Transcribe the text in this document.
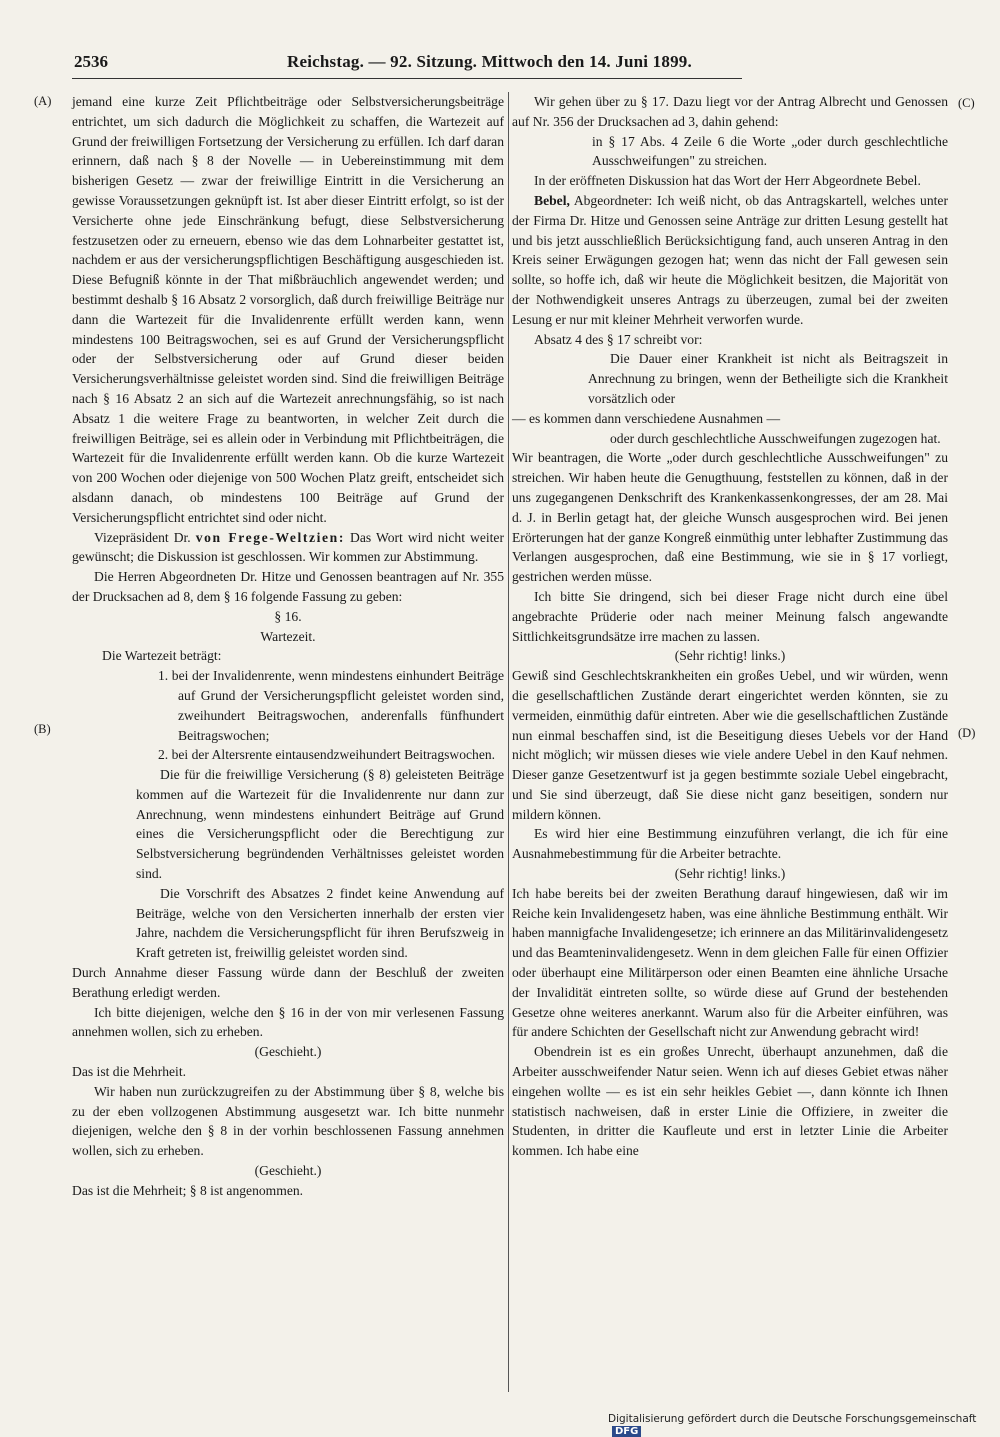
2536	Reichstag. — 92. Sitzung. Mittwoch den 14. Juni 1899.
(A)
(B)
(C)
(D)

jemand eine kurze Zeit Pflichtbeiträge oder Selbstversicherungsbeiträge entrichtet, um sich dadurch die Möglichkeit zu schaffen, die Wartezeit auf Grund der freiwilligen Fortsetzung der Versicherung zu erfüllen. Ich darf daran erinnern, daß nach § 8 der Novelle — in Uebereinstimmung mit dem bisherigen Gesetz — zwar der freiwillige Eintritt in die Versicherung an gewisse Voraussetzungen geknüpft ist. Ist aber dieser Eintritt erfolgt, so ist der Versicherte ohne jede Einschränkung befugt, diese Selbstversicherung festzusetzen oder zu erneuern, ebenso wie das dem Lohnarbeiter gestattet ist, nachdem er aus der versicherungspflichtigen Beschäftigung ausgeschieden ist. Diese Befugniß könnte in der That mißbräuchlich angewendet werden; und bestimmt deshalb § 16 Absatz 2 vorsorglich, daß durch freiwillige Beiträge nur dann die Wartezeit für die Invalidenrente erfüllt werden kann, wenn mindestens 100 Beitragswochen, sei es auf Grund der Versicherungspflicht oder der Selbstversicherung oder auf Grund dieser beiden Versicherungsverhältnisse geleistet worden sind. Sind die freiwilligen Beiträge nach § 16 Absatz 2 an sich auf die Wartezeit anrechnungsfähig, so ist nach Absatz 1 die weitere Frage zu beantworten, in welcher Zeit durch die freiwilligen Beiträge, sei es allein oder in Verbindung mit Pflichtbeiträgen, die Wartezeit für die Invalidenrente erfüllt werden kann. Ob die kurze Wartezeit von 200 Wochen oder diejenige von 500 Wochen Platz greift, entscheidet sich alsdann danach, ob mindestens 100 Beiträge auf Grund der Versicherungspflicht entrichtet sind oder nicht.

Vizepräsident Dr. von Frege-Weltzien: Das Wort wird nicht weiter gewünscht; die Diskussion ist geschlossen. Wir kommen zur Abstimmung.

Die Herren Abgeordneten Dr. Hitze und Genossen beantragen auf Nr. 355 der Drucksachen ad 8, dem § 16 folgende Fassung zu geben:

§ 16.

Wartezeit.

Die Wartezeit beträgt:

1. bei der Invalidenrente, wenn mindestens einhundert Beiträge auf Grund der Versicherungspflicht geleistet worden sind, zweihundert Beitragswochen, anderenfalls fünfhundert Beitragswochen;

2. bei der Altersrente eintausendzweihundert Beitragswochen.

Die für die freiwillige Versicherung (§ 8) geleisteten Beiträge kommen auf die Wartezeit für die Invalidenrente nur dann zur Anrechnung, wenn mindestens einhundert Beiträge auf Grund eines die Versicherungspflicht oder die Berechtigung zur Selbstversicherung begründenden Verhältnisses geleistet worden sind.

Die Vorschrift des Absatzes 2 findet keine Anwendung auf Beiträge, welche von den Versicherten innerhalb der ersten vier Jahre, nachdem die Versicherungspflicht für ihren Berufszweig in Kraft getreten ist, freiwillig geleistet worden sind.

Durch Annahme dieser Fassung würde dann der Beschluß der zweiten Berathung erledigt werden.

Ich bitte diejenigen, welche den § 16 in der von mir verlesenen Fassung annehmen wollen, sich zu erheben.

(Geschieht.)

Das ist die Mehrheit.

Wir haben nun zurückzugreifen zu der Abstimmung über § 8, welche bis zu der eben vollzogenen Abstimmung ausgesetzt war. Ich bitte nunmehr diejenigen, welche den § 8 in der vorhin beschlossenen Fassung annehmen wollen, sich zu erheben.

(Geschieht.)

Das ist die Mehrheit; § 8 ist angenommen.

Wir gehen über zu § 17. Dazu liegt vor der Antrag Albrecht und Genossen auf Nr. 356 der Drucksachen ad 3, dahin gehend:

in § 17 Abs. 4 Zeile 6 die Worte „oder durch geschlechtliche Ausschweifungen" zu streichen.

In der eröffneten Diskussion hat das Wort der Herr Abgeordnete Bebel.

Bebel, Abgeordneter: Ich weiß nicht, ob das Antragskartell, welches unter der Firma Dr. Hitze und Genossen seine Anträge zur dritten Lesung gestellt hat und bis jetzt ausschließlich Berücksichtigung fand, auch unseren Antrag in den Kreis seiner Erwägungen gezogen hat; wenn das nicht der Fall gewesen sein sollte, so hoffe ich, daß wir heute die Möglichkeit besitzen, die Majorität von der Nothwendigkeit unseres Antrags zu überzeugen, zumal bei der zweiten Lesung er nur mit kleiner Mehrheit verworfen wurde.

Absatz 4 des § 17 schreibt vor:

Die Dauer einer Krankheit ist nicht als Beitragszeit in Anrechnung zu bringen, wenn der Betheiligte sich die Krankheit vorsätzlich oder

— es kommen dann verschiedene Ausnahmen —

oder durch geschlechtliche Ausschweifungen zugezogen hat.

Wir beantragen, die Worte „oder durch geschlechtliche Ausschweifungen" zu streichen. Wir haben heute die Genugthuung, feststellen zu können, daß in der uns zugegangenen Denkschrift des Krankenkassenkongresses, der am 28. Mai d. J. in Berlin getagt hat, der gleiche Wunsch ausgesprochen wird. Bei jenen Erörterungen hat der ganze Kongreß einmüthig unter lebhafter Zustimmung das Verlangen ausgesprochen, daß eine Bestimmung, wie sie in § 17 vorliegt, gestrichen werden müsse.

Ich bitte Sie dringend, sich bei dieser Frage nicht durch eine übel angebrachte Prüderie oder nach meiner Meinung falsch angewandte Sittlichkeitsgrundsätze irre machen zu lassen.

(Sehr richtig! links.)

Gewiß sind Geschlechtskrankheiten ein großes Uebel, und wir würden, wenn die gesellschaftlichen Zustände derart eingerichtet werden könnten, sie zu vermeiden, einmüthig dafür eintreten. Aber wie die gesellschaftlichen Zustände nun einmal beschaffen sind, ist die Beseitigung dieses Uebels vor der Hand nicht möglich; wir müssen dieses wie viele andere Uebel in den Kauf nehmen. Dieser ganze Gesetzentwurf ist ja gegen bestimmte soziale Uebel eingebracht, und Sie sind überzeugt, daß Sie diese nicht ganz beseitigen, sondern nur mildern können.

Es wird hier eine Bestimmung einzuführen verlangt, die ich für eine Ausnahmebestimmung für die Arbeiter betrachte.

(Sehr richtig! links.)

Ich habe bereits bei der zweiten Berathung darauf hingewiesen, daß wir im Reiche kein Invalidengesetz haben, was eine ähnliche Bestimmung enthält. Wir haben mannigfache Invalidengesetze; ich erinnere an das Militärinvalidengesetz und das Beamteninvalidengesetz. Wenn in dem gleichen Falle für einen Offizier oder überhaupt eine Militärperson oder einen Beamten eine ähnliche Ursache der Invalidität eintreten sollte, so würde diese auf Grund der bestehenden Gesetze ohne weiteres anerkannt. Warum also für die Arbeiter einführen, was für andere Schichten der Gesellschaft nicht zur Anwendung gebracht wird!

Obendrein ist es ein großes Unrecht, überhaupt anzunehmen, daß die Arbeiter ausschweifender Natur seien. Wenn ich auf dieses Gebiet etwas näher eingehen wollte — es ist ein sehr heikles Gebiet —, dann könnte ich Ihnen statistisch nachweisen, daß in erster Linie die Offiziere, in zweiter die Studenten, in dritter die Kaufleute und erst in letzter Linie die Arbeiter kommen. Ich habe eine

Digitalisierung gefördert durch die Deutsche Forschungsgemeinschaft DFG
